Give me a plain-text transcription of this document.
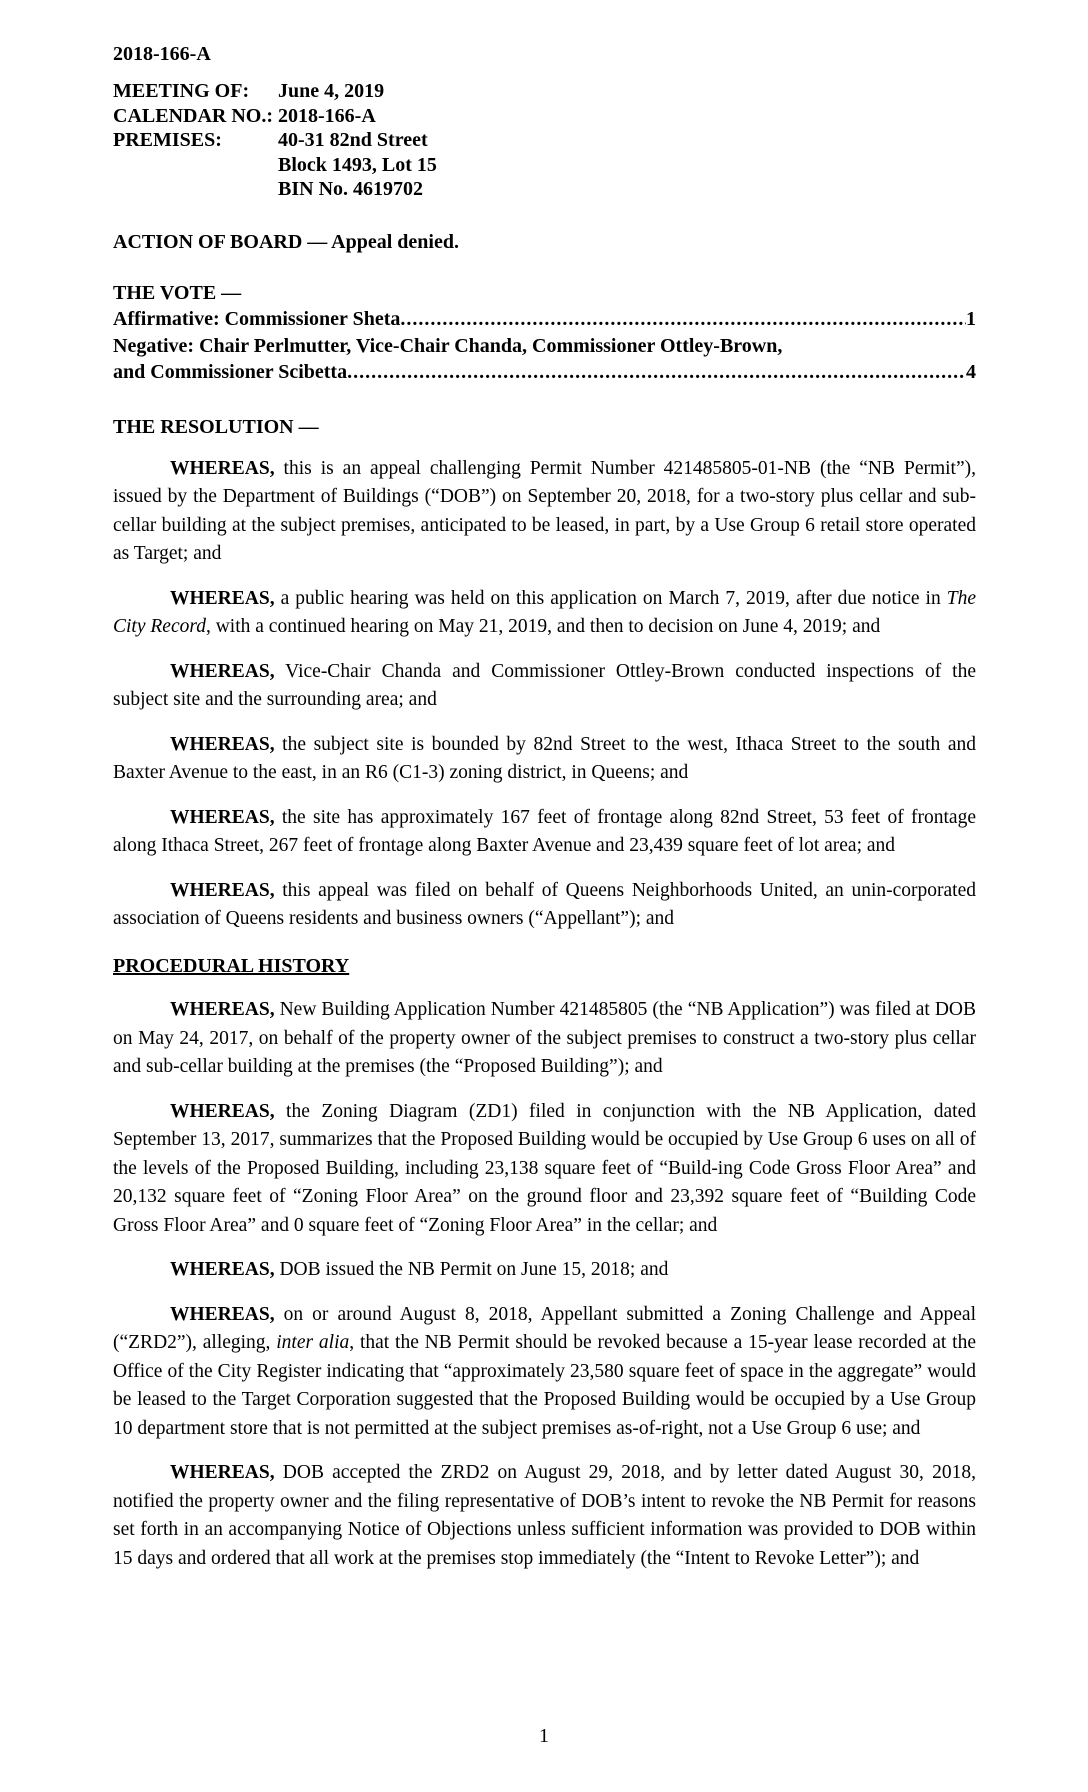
2018-166-A
MEETING OF:	June 4, 2019
CALENDAR NO.: 2018-166-A
PREMISES:	40-31 82nd Street
Block 1493, Lot 15
BIN No. 4619702
ACTION OF BOARD — Appeal denied.
THE VOTE —
Affirmative: Commissioner Sheta .....	1
Negative: Chair Perlmutter, Vice-Chair Chanda, Commissioner Ottley-Brown,
and Commissioner Scibetta .....	4
THE RESOLUTION —

WHEREAS, this is an appeal challenging Permit Number 421485805-01-NB (the “NB Permit”), issued by the Department of Buildings (“DOB”) on September 20, 2018, for a two-story plus cellar and sub-cellar building at the subject premises, anticipated to be leased, in part, by a Use Group 6 retail store operated as Target; and

WHEREAS, a public hearing was held on this application on March 7, 2019, after due notice in The City Record, with a continued hearing on May 21, 2019, and then to decision on June 4, 2019; and

WHEREAS, Vice-Chair Chanda and Commissioner Ottley-Brown conducted inspections of the subject site and the surrounding area; and

WHEREAS, the subject site is bounded by 82nd Street to the west, Ithaca Street to the south and Baxter Avenue to the east, in an R6 (C1-3) zoning district, in Queens; and

WHEREAS, the site has approximately 167 feet of frontage along 82nd Street, 53 feet of frontage along Ithaca Street, 267 feet of frontage along Baxter Avenue and 23,439 square feet of lot area; and

WHEREAS, this appeal was filed on behalf of Queens Neighborhoods United, an unin-corporated association of Queens residents and business owners (“Appellant”); and

PROCEDURAL HISTORY

WHEREAS, New Building Application Number 421485805 (the “NB Application”) was filed at DOB on May 24, 2017, on behalf of the property owner of the subject premises to construct a two-story plus cellar and sub-cellar building at the premises (the “Proposed Building”); and

WHEREAS, the Zoning Diagram (ZD1) filed in conjunction with the NB Application, dated September 13, 2017, summarizes that the Proposed Building would be occupied by Use Group 6 uses on all of the levels of the Proposed Building, including 23,138 square feet of “Build-ing Code Gross Floor Area” and 20,132 square feet of “Zoning Floor Area” on the ground floor and 23,392 square feet of “Building Code Gross Floor Area” and 0 square feet of “Zoning Floor Area” in the cellar; and

WHEREAS, DOB issued the NB Permit on June 15, 2018; and

WHEREAS, on or around August 8, 2018, Appellant submitted a Zoning Challenge and Appeal (“ZRD2”), alleging, inter alia, that the NB Permit should be revoked because a 15-year lease recorded at the Office of the City Register indicating that “approximately 23,580 square feet of space in the aggregate” would be leased to the Target Corporation suggested that the Proposed Building would be occupied by a Use Group 10 department store that is not permitted at the subject premises as-of-right, not a Use Group 6 use; and

WHEREAS, DOB accepted the ZRD2 on August 29, 2018, and by letter dated August 30, 2018, notified the property owner and the filing representative of DOB’s intent to revoke the NB Permit for reasons set forth in an accompanying Notice of Objections unless sufficient information was provided to DOB within 15 days and ordered that all work at the premises stop immediately (the “Intent to Revoke Letter”); and

1
